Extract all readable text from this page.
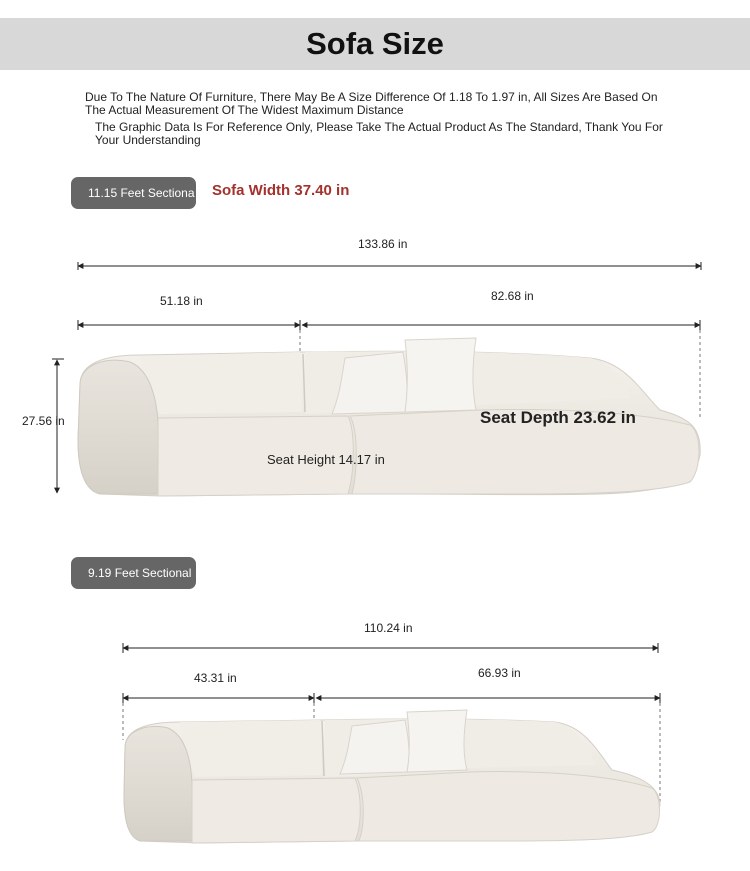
Sofa Size
Due To The Nature Of Furniture, There May Be A Size Difference Of 1.18 To 1.97 in, All Sizes Are Based On The Actual Measurement Of The Widest Maximum Distance
The Graphic Data Is For Reference Only, Please Take The Actual Product As The Standard, Thank You For Your Understanding
11.15 Feet Sectiona Sofa Width 37.40 in
133.86 in
51.18 in	82.68 in
27.56 in	Seat Depth 23.62 in
Seat Height 14.17 in
9.19 Feet Sectional
110.24 in
43.31 in	66.93 in
